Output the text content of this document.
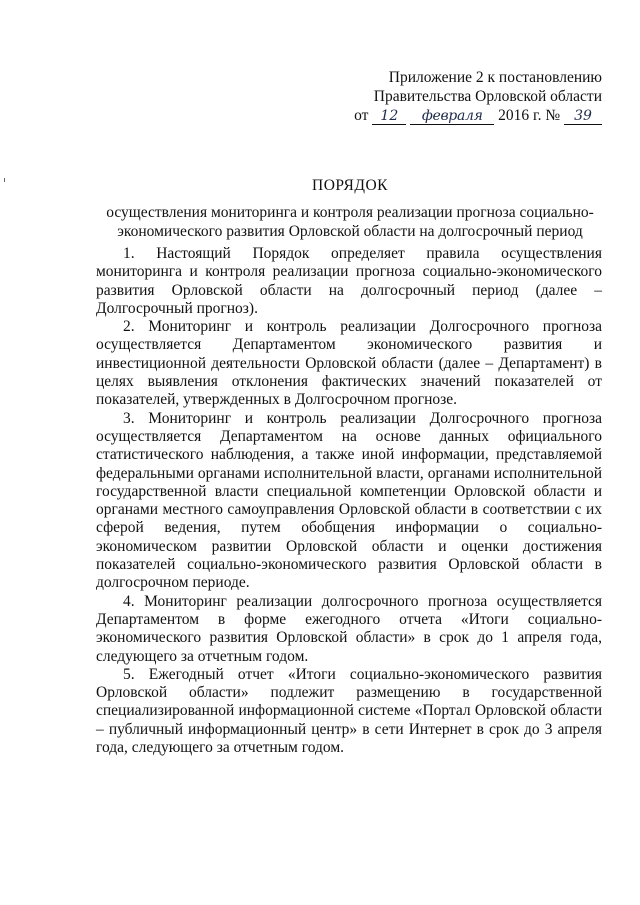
Приложение 2 к постановлению
Правительства Орловской области
от 12 февраля 2016 г. № 39
ПОРЯДОК
осуществления мониторинга и контроля реализации прогноза социально-экономического развития Орловской области на долгосрочный период

1. Настоящий Порядок определяет правила осуществления мониторинга и контроля реализации прогноза социально-экономического развития Орловской области на долгосрочный период (далее – Долгосрочный прогноз).

2. Мониторинг и контроль реализации Долгосрочного прогноза осуществляется Департаментом экономического развития и инвестиционной деятельности Орловской области (далее – Департамент) в целях выявления отклонения фактических значений показателей от показателей, утвержденных в Долгосрочном прогнозе.

3. Мониторинг и контроль реализации Долгосрочного прогноза осуществляется Департаментом на основе данных официального статистического наблюдения, а также иной информации, представляемой федеральными органами исполнительной власти, органами исполнительной государственной власти специальной компетенции Орловской области и органами местного самоуправления Орловской области в соответствии с их сферой ведения, путем обобщения информации о социально-экономическом развитии Орловской области и оценки достижения показателей социально-экономического развития Орловской области в долгосрочном периоде.

4. Мониторинг реализации долгосрочного прогноза осуществляется Департаментом в форме ежегодного отчета «Итоги социально-экономического развития Орловской области» в срок до 1 апреля года, следующего за отчетным годом.

5. Ежегодный отчет «Итоги социально-экономического развития Орловской области» подлежит размещению в государственной специализированной информационной системе «Портал Орловской области – публичный информационный центр» в сети Интернет в срок до 3 апреля года, следующего за отчетным годом.
